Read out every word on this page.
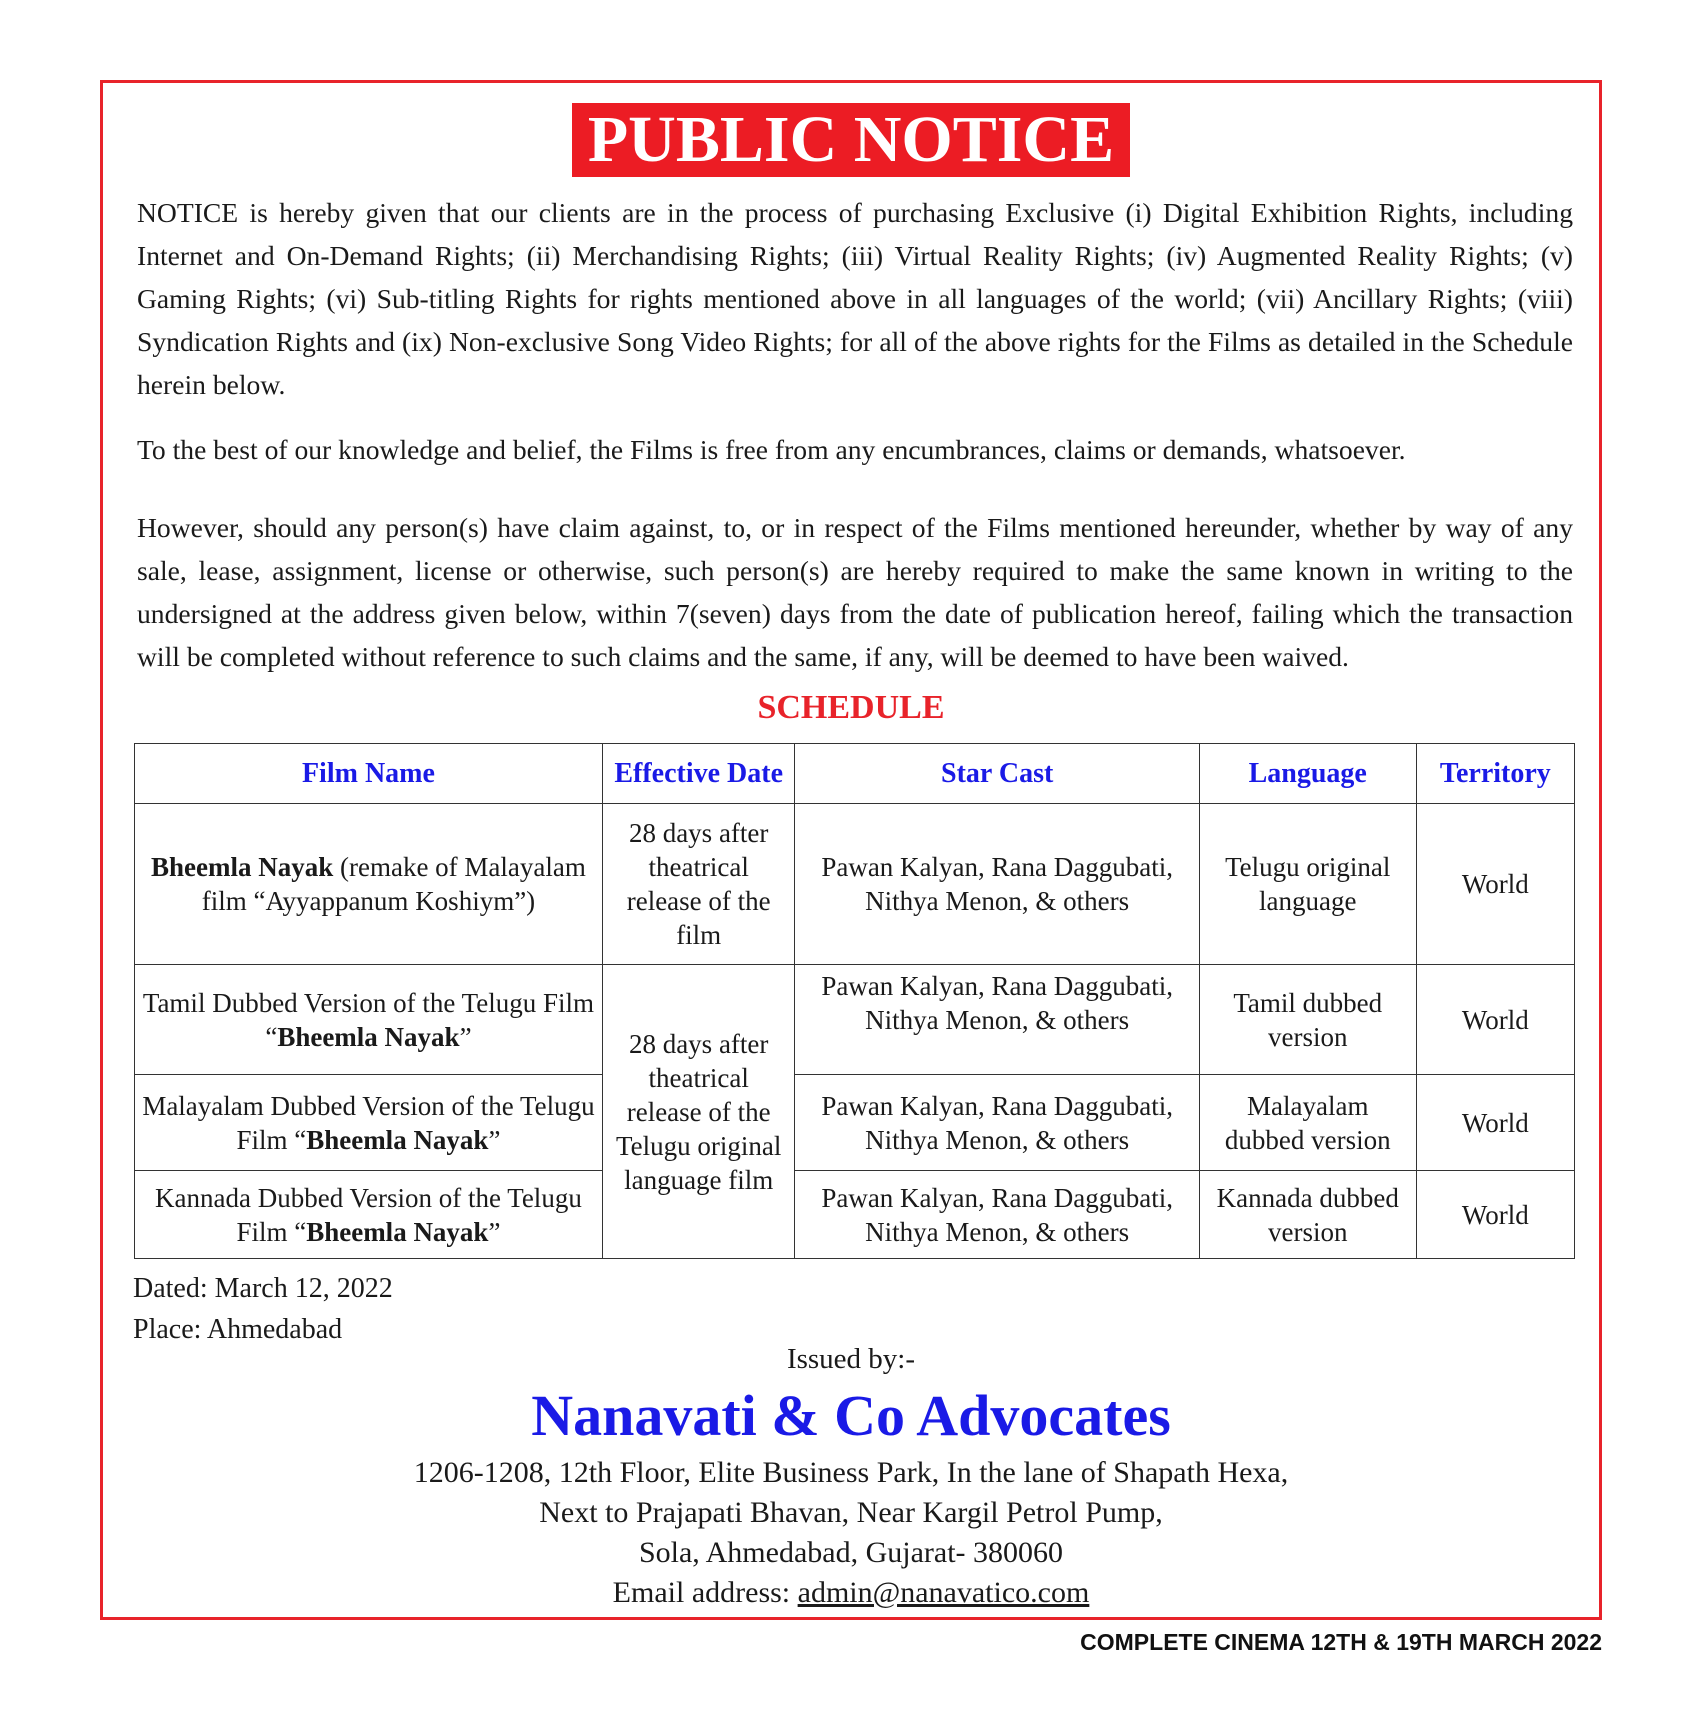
PUBLIC NOTICE
NOTICE is hereby given that our clients are in the process of purchasing Exclusive (i) Digital Exhibition Rights, including Internet and On-Demand Rights; (ii) Merchandising Rights; (iii) Virtual Reality Rights; (iv) Augmented Reality Rights; (v) Gaming Rights; (vi) Sub-titling Rights for rights mentioned above in all languages of the world; (vii) Ancillary Rights; (viii) Syndication Rights and (ix) Non-exclusive Song Video Rights; for all of the above rights for the Films as detailed in the Schedule herein below.
To the best of our knowledge and belief, the Films is free from any encumbrances, claims or demands, whatsoever.
However, should any person(s) have claim against, to, or in respect of the Films mentioned hereunder, whether by way of any sale, lease, assignment, license or otherwise, such person(s) are hereby required to make the same known in writing to the undersigned at the address given below, within 7(seven) days from the date of publication hereof, failing which the transaction will be completed without reference to such claims and the same, if any, will be deemed to have been waived.
SCHEDULE
Film Name	Effective Date	Star Cast	Language	Territory
Bheemla Nayak (remake of Malayalam film “Ayyappanum Koshiym”)	28 days after theatrical release of the film	Pawan Kalyan, Rana Daggubati, Nithya Menon, & others	Telugu original language	World
Tamil Dubbed Version of the Telugu Film “Bheemla Nayak”	28 days after theatrical release of the Telugu original language film	Pawan Kalyan, Rana Daggubati, Nithya Menon, & others	Tamil dubbed version	World
Malayalam Dubbed Version of the Telugu Film “Bheemla Nayak”		Pawan Kalyan, Rana Daggubati, Nithya Menon, & others	Malayalam dubbed version	World
Kannada Dubbed Version of the Telugu Film “Bheemla Nayak”		Pawan Kalyan, Rana Daggubati, Nithya Menon, & others	Kannada dubbed version	World
Dated: March 12, 2022
Place: Ahmedabad
Issued by:-
Nanavati & Co Advocates
1206-1208, 12th Floor, Elite Business Park, In the lane of Shapath Hexa,
Next to Prajapati Bhavan, Near Kargil Petrol Pump,
Sola, Ahmedabad, Gujarat- 380060
Email address: admin@nanavatico.com
COMPLETE CINEMA 12TH & 19TH MARCH 2022
